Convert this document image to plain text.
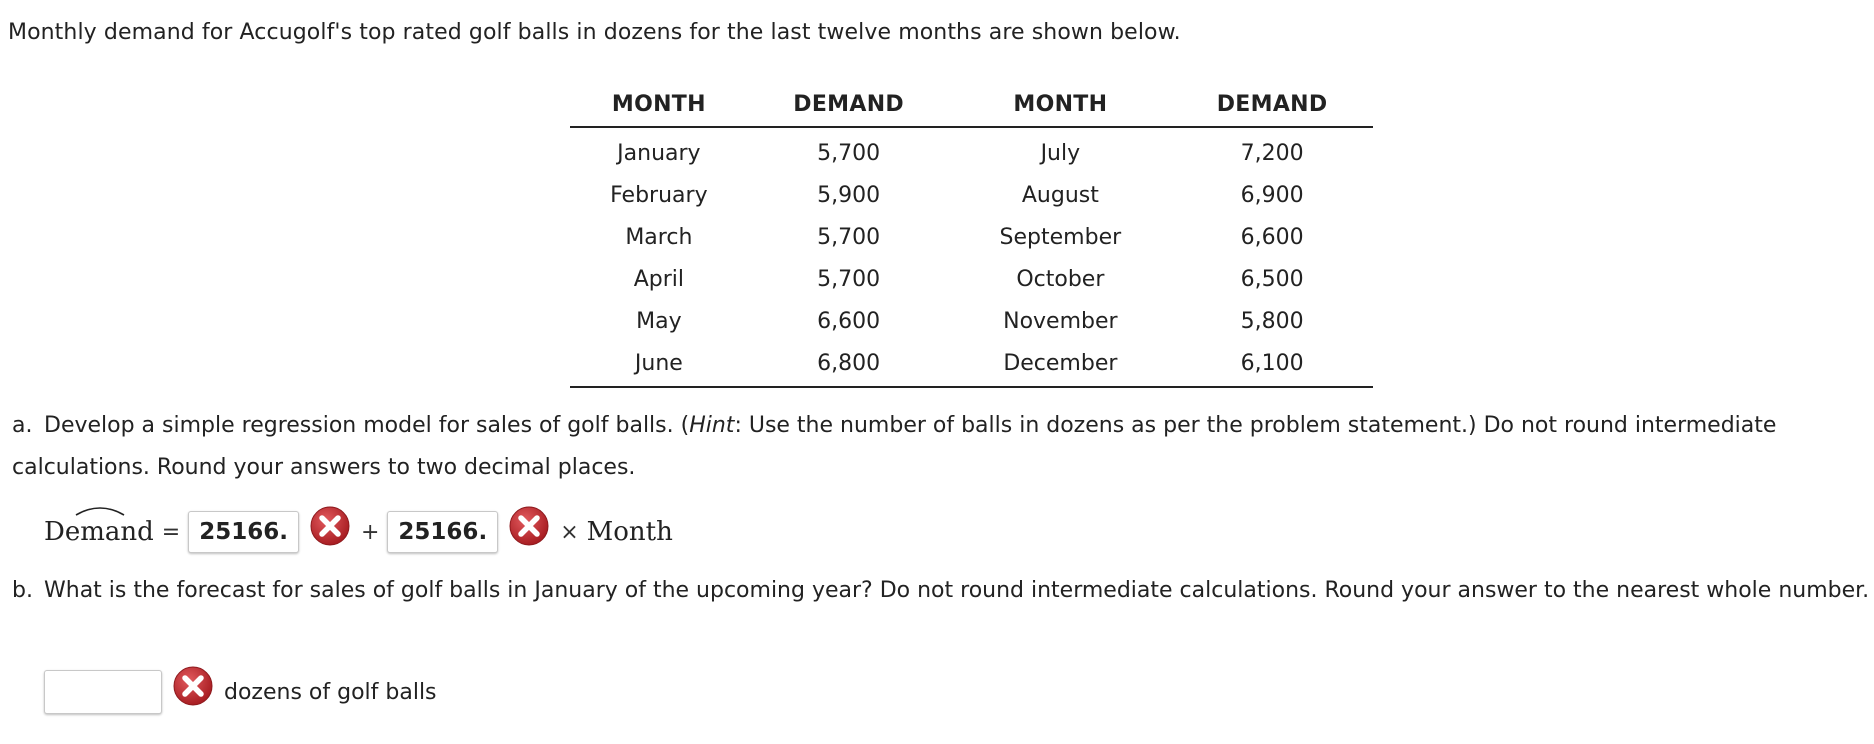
Monthly demand for Accugolf's top rated golf balls in dozens for the last twelve months are shown below.
MONTH	DEMAND	MONTH	DEMAND
January	5,700	July	7,200
February	5,900	August	6,900
March	5,700	September	6,600
April	5,700	October	6,500
May	6,600	November	5,800
June	6,800	December	6,100
a. Develop a simple regression model for sales of golf balls. (Hint: Use the number of balls in dozens as per the problem statement.) Do not round intermediate calculations. Round your answers to two decimal places.
Demand = 25166.	+ 25166.	× Month
b. What is the forecast for sales of golf balls in January of the upcoming year? Do not round intermediate calculations. Round your answer to the nearest whole number.
dozens of golf balls
